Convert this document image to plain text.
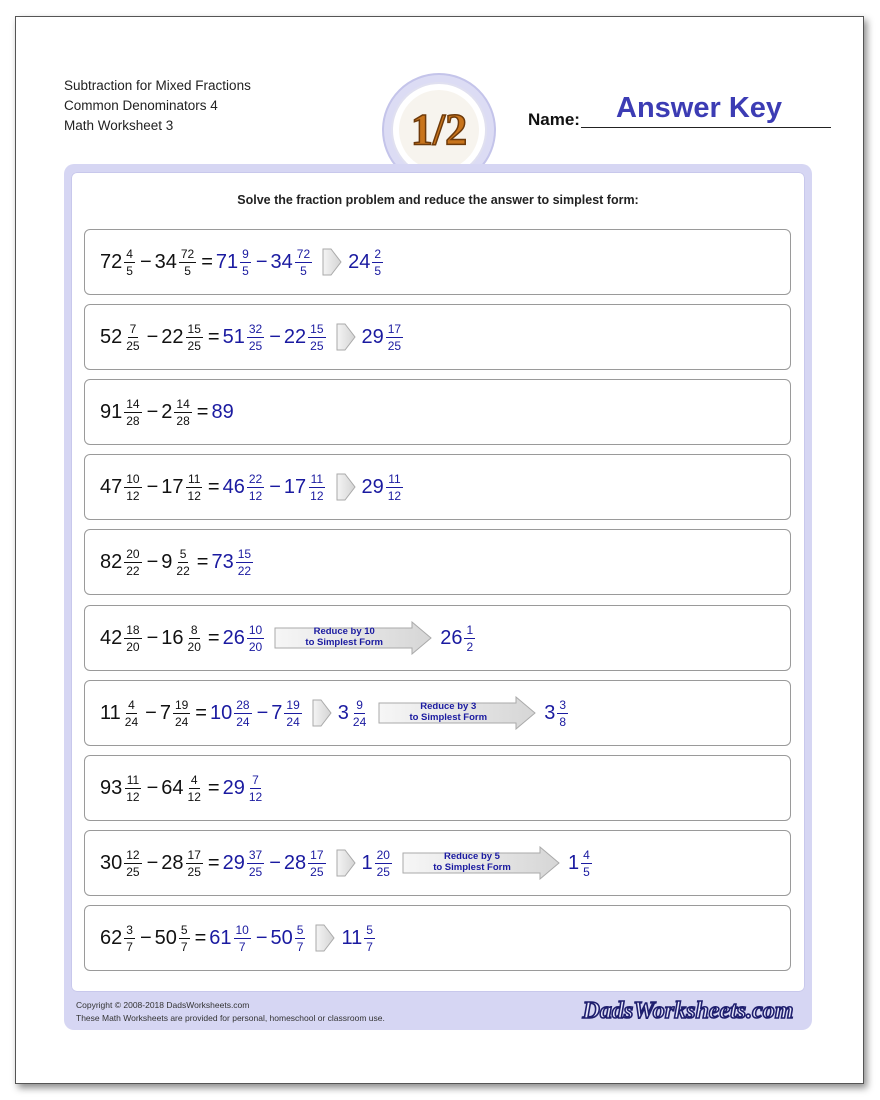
Subtraction for Mixed Fractions
Common Denominators 4
Math Worksheet 3	1/2	Name: Answer Key
Solve the fraction problem and reduce the answer to simplest form:
$72 \frac{4}{5} - 34 \frac{72}{5} = 71 \frac{9}{5} - 34 \frac{72}{5} 24 \frac{2}{5}$
$52 \frac{7}{25} - 22 \frac{15}{25} = 51 \frac{32}{25} - 22 \frac{15}{25} 29 \frac{17}{25}$
$91 \frac{14}{28} - 2 \frac{14}{28} = 89$
$47 \frac{10}{12} - 17 \frac{11}{12} = 46 \frac{22}{12} - 17 \frac{11}{12} 29 \frac{11}{12}$
$82 \frac{20}{22} - 9 \frac{5}{22} = 73 \frac{15}{22}$
$42 \frac{18}{20} - 16 \frac{8}{20} = 26 \frac{10}{20}$	Reduce by 10
to Simplest Form	$26 \frac{1}{2}$
$11 \frac{4}{24} - 7 \frac{19}{24} = 10 \frac{28}{24} - 7 \frac{19}{24} 3 \frac{9}{24}$	Reduce by 3
to Simplest Form	$3 \frac{3}{8}$
$93 \frac{11}{12} - 64 \frac{4}{12} = 29 \frac{7}{12}$
$30 \frac{12}{25} - 28 \frac{17}{25} = 29 \frac{37}{25} - 28 \frac{17}{25} 1 \frac{20}{25}$	Reduce by 5
to Simplest Form	$1 \frac{4}{5}$
$62 \frac{3}{7} - 50 \frac{5}{7} = 61 \frac{10}{7} - 50 \frac{5}{7} 11 \frac{5}{7}$
Copyright © 2008-2018 DadsWorksheets.com
These Math Worksheets are provided for personal, homeschool or classroom use.	DadsWorksheets.com
